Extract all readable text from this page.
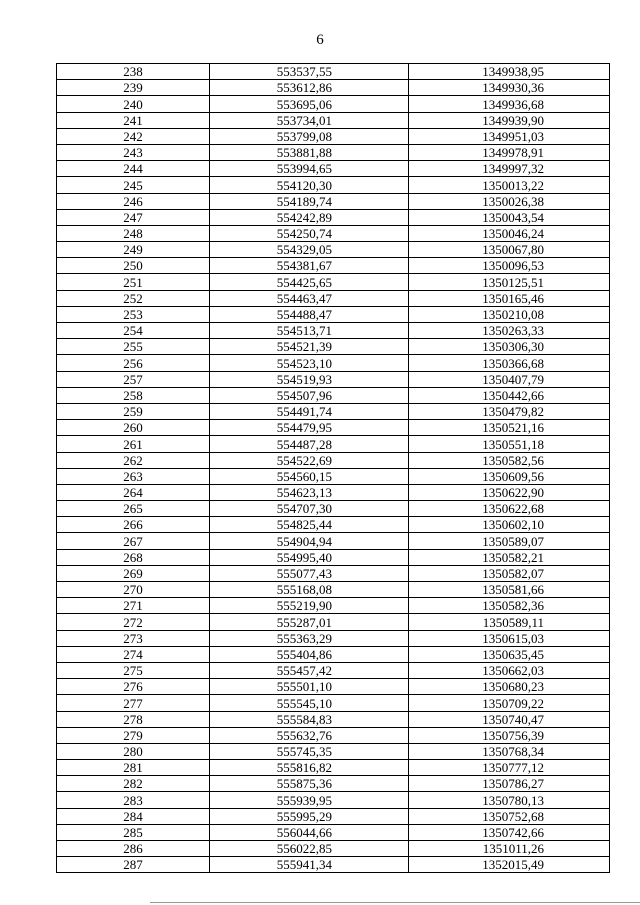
6
238	553537,55	1349938,95
239	553612,86	1349930,36
240	553695,06	1349936,68
241	553734,01	1349939,90
242	553799,08	1349951,03
243	553881,88	1349978,91
244	553994,65	1349997,32
245	554120,30	1350013,22
246	554189,74	1350026,38
247	554242,89	1350043,54
248	554250,74	1350046,24
249	554329,05	1350067,80
250	554381,67	1350096,53
251	554425,65	1350125,51
252	554463,47	1350165,46
253	554488,47	1350210,08
254	554513,71	1350263,33
255	554521,39	1350306,30
256	554523,10	1350366,68
257	554519,93	1350407,79
258	554507,96	1350442,66
259	554491,74	1350479,82
260	554479,95	1350521,16
261	554487,28	1350551,18
262	554522,69	1350582,56
263	554560,15	1350609,56
264	554623,13	1350622,90
265	554707,30	1350622,68
266	554825,44	1350602,10
267	554904,94	1350589,07
268	554995,40	1350582,21
269	555077,43	1350582,07
270	555168,08	1350581,66
271	555219,90	1350582,36
272	555287,01	1350589,11
273	555363,29	1350615,03
274	555404,86	1350635,45
275	555457,42	1350662,03
276	555501,10	1350680,23
277	555545,10	1350709,22
278	555584,83	1350740,47
279	555632,76	1350756,39
280	555745,35	1350768,34
281	555816,82	1350777,12
282	555875,36	1350786,27
283	555939,95	1350780,13
284	555995,29	1350752,68
285	556044,66	1350742,66
286	556022,85	1351011,26
287	555941,34	1352015,49
